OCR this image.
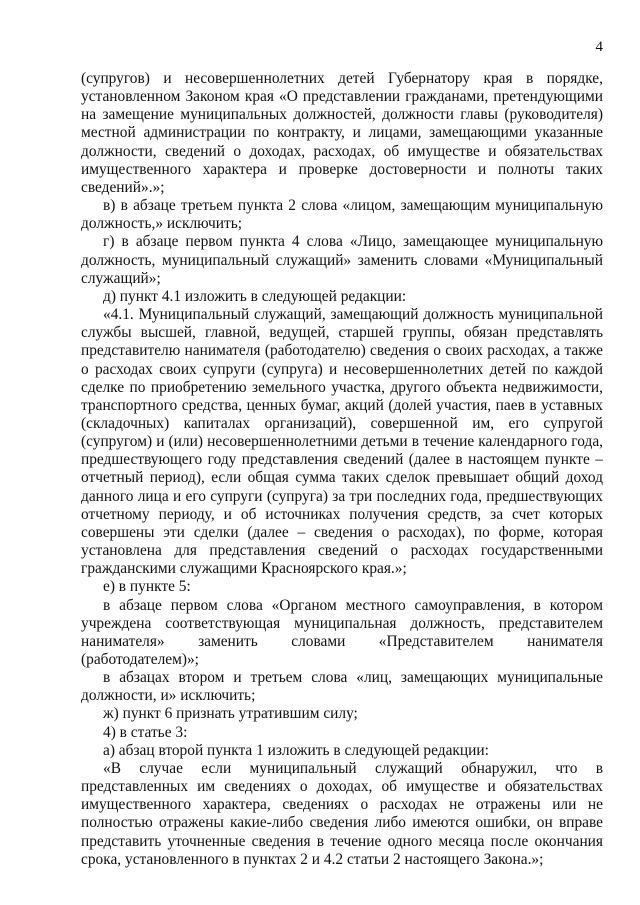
4

(супругов) и несовершеннолетних детей Губернатору края в порядке, установленном Законом края «О представлении гражданами, претендующими на замещение муниципальных должностей, должности главы (руководителя) местной администрации по контракту, и лицами, замещающими указанные должности, сведений о доходах, расходах, об имуществе и обязательствах имущественного характера и проверке достоверности и полноты таких сведений».»;

в) в абзаце третьем пункта 2 слова «лицом, замещающим муниципальную должность,» исключить;

г) в абзаце первом пункта 4 слова «Лицо, замещающее муниципальную должность, муниципальный служащий» заменить словами «Муниципальный служащий»;

д) пункт 4.1 изложить в следующей редакции:

«4.1. Муниципальный служащий, замещающий должность муниципальной службы высшей, главной, ведущей, старшей группы, обязан представлять представителю нанимателя (работодателю) сведения о своих расходах, а также о расходах своих супруги (супруга) и несовершеннолетних детей по каждой сделке по приобретению земельного участка, другого объекта недвижимости, транспортного средства, ценных бумаг, акций (долей участия, паев в уставных (складочных) капиталах организаций), совершенной им, его супругой (супругом) и (или) несовершеннолетними детьми в течение календарного года, предшествующего году представления сведений (далее в настоящем пункте – отчетный период), если общая сумма таких сделок превышает общий доход данного лица и его супруги (супруга) за три последних года, предшествующих отчетному периоду, и об источниках получения средств, за счет которых совершены эти сделки (далее – сведения о расходах), по форме, которая установлена для представления сведений о расходах государственными гражданскими служащими Красноярского края.»;

е) в пункте 5:

в абзаце первом слова «Органом местного самоуправления, в котором учреждена соответствующая муниципальная должность, представителем нанимателя» заменить словами «Представителем нанимателя (работодателем)»;

в абзацах втором и третьем слова «лиц, замещающих муниципальные должности, и» исключить;

ж) пункт 6 признать утратившим силу;

4) в статье 3:

а) абзац второй пункта 1 изложить в следующей редакции:

«В случае если муниципальный служащий обнаружил, что в представленных им сведениях о доходах, об имуществе и обязательствах имущественного характера, сведениях о расходах не отражены или не полностью отражены какие-либо сведения либо имеются ошибки, он вправе представить уточненные сведения в течение одного месяца после окончания срока, установленного в пунктах 2 и 4.2 статьи 2 настоящего Закона.»;
